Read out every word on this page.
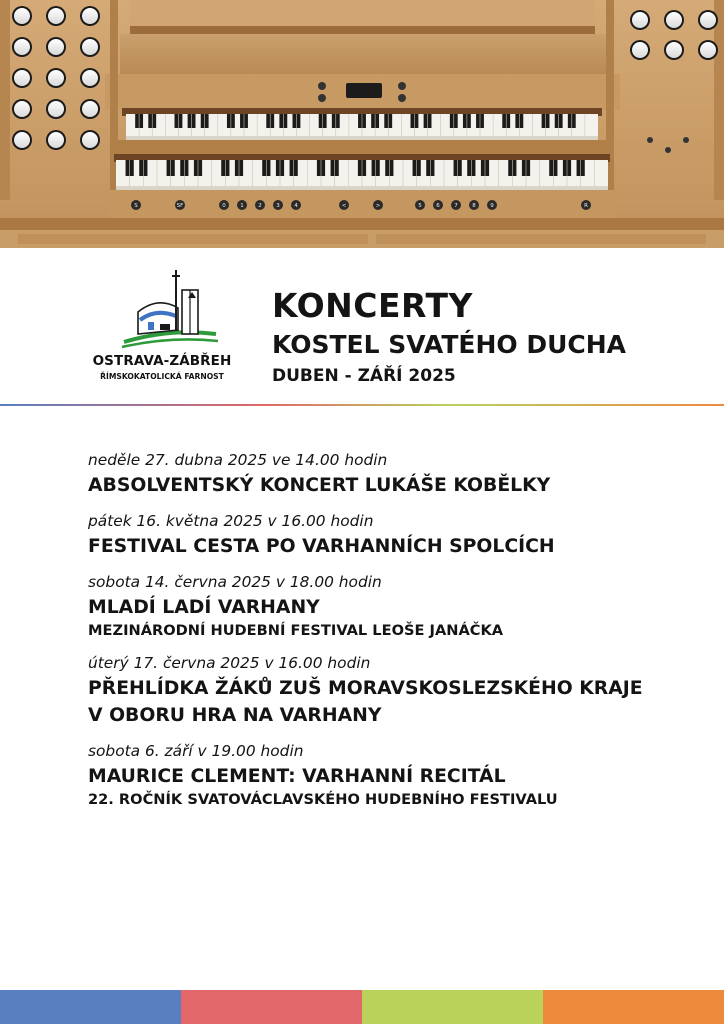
S	SF	0	1	2	3	4	<	>	5	6	7	8	9	R
OSTRAVA-ZÁBŘEH
ŘÍMSKOKATOLICKÁ FARNOST
KONCERTY
KOSTEL SVATÉHO DUCHA
DUBEN - ZÁŘÍ 2025
neděle 27. dubna 2025 ve 14.00 hodin
ABSOLVENTSKÝ KONCERT LUKÁŠE KOBĚLKY
pátek 16. května 2025 v 16.00 hodin
FESTIVAL CESTA PO VARHANNÍCH SPOLCÍCH
sobota 14. června 2025 v 18.00 hodin
MLADÍ LADÍ VARHANY
MEZINÁRODNÍ HUDEBNÍ FESTIVAL LEOŠE JANÁČKA
úterý 17. června 2025 v 16.00 hodin
PŘEHLÍDKA ŽÁKŮ ZUŠ MORAVSKOSLEZSKÉHO KRAJE
V OBORU HRA NA VARHANY
sobota 6. září v 19.00 hodin
MAURICE CLEMENT: VARHANNÍ RECITÁL
22. ROČNÍK SVATOVÁCLAVSKÉHO HUDEBNÍHO FESTIVALU
